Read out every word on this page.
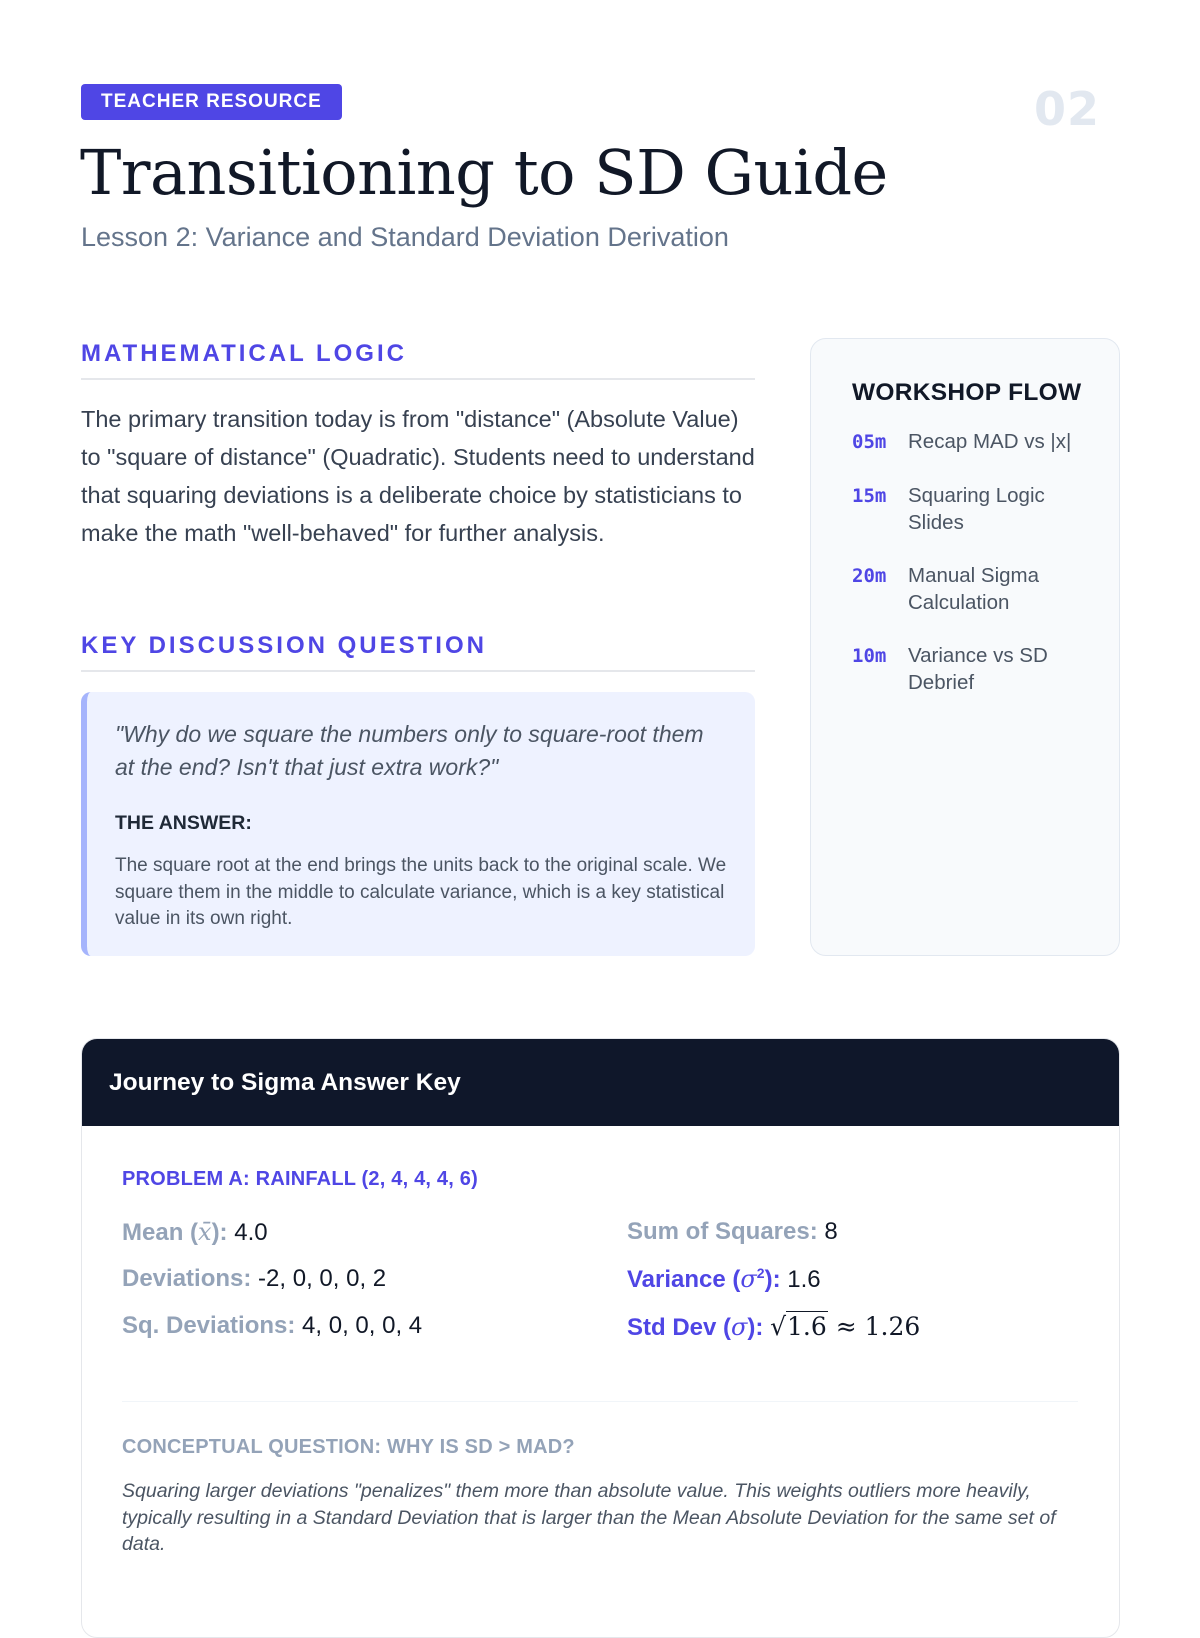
02
TEACHER RESOURCE
Transitioning to SD Guide
Lesson 2: Variance and Standard Deviation Derivation
MATHEMATICAL LOGIC
The primary transition today is from "distance" (Absolute Value) to "square of distance" (Quadratic). Students need to understand that squaring deviations is a deliberate choice by statisticians to make the math "well-behaved" for further analysis.
KEY DISCUSSION QUESTION
"Why do we square the numbers only to square-root them at the end? Isn't that just extra work?"
THE ANSWER:
The square root at the end brings the units back to the original scale. We square them in the middle to calculate variance, which is a key statistical value in its own right.
WORKSHOP FLOW
05m	Recap MAD vs |x|
15m	Squaring Logic Slides
20m	Manual Sigma Calculation
10m	Variance vs SD Debrief
Journey to Sigma Answer Key
PROBLEM A: RAINFALL (2, 4, 4, 4, 6)
Mean (x̄): 4.0
Deviations: -2, 0, 0, 0, 2
Sq. Deviations: 4, 0, 0, 0, 4
Sum of Squares: 8
Variance $(\sigma^2)$: 1.6
Std Dev (σ): √1.6 ≈ 1.26
CONCEPTUAL QUESTION: WHY IS SD > MAD?
Squaring larger deviations "penalizes" them more than absolute value. This weights outliers more heavily, typically resulting in a Standard Deviation that is larger than the Mean Absolute Deviation for the same set of data.
